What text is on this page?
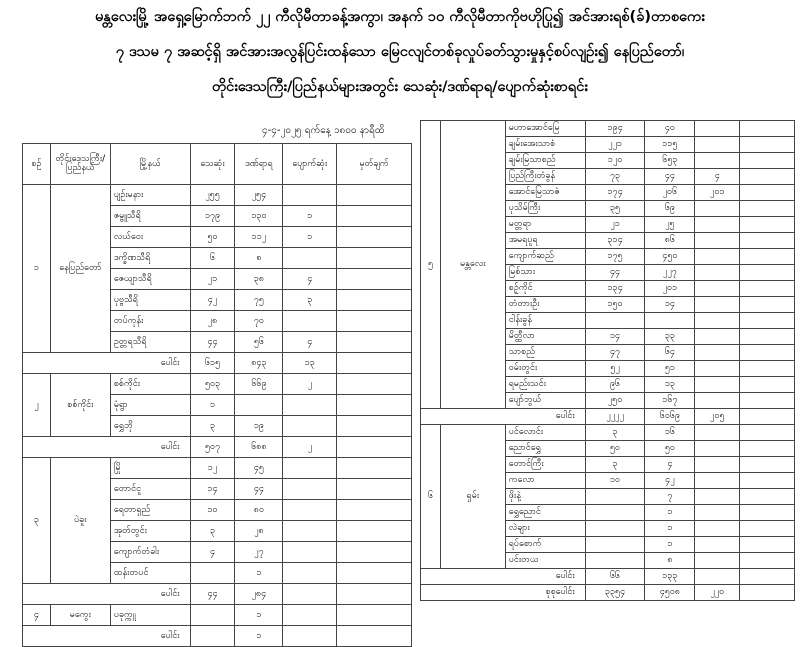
မန္တလေးမြို့ အရှေ့မြောက်ဘက် ၂၂ ကီလိုမီတာခန့်အကွာ၊ အနက် ၁၀ ကီလိုမီတာကိုဗဟိုပြု၍ အင်အားရစ်(ခ်)တာစကေး
၇ ဒသမ ၇ အဆင့်ရှိ အင်အားအလွန်ပြင်းထန်သော မြေငလျင်တစ်ခုလှုပ်ခတ်သွားမှုနှင့်စပ်လျဉ်း၍ နေပြည်တော်၊
တိုင်းဒေသကြီး/ပြည်နယ်များအတွင်း သေဆုံး/ဒဏ်ရာရ/ပျောက်ဆုံးစာရင်း
၄-၄-၂၀၂၅ ရက်နေ့ ၁၈၀၀ နာရီထိ
စဉ်	တိုင်းဒေသကြီး/ ပြည်နယ်	မြို့နယ်	သေဆုံး	ဒဏ်ရာရ	ပျောက်ဆုံး	မှတ်ချက်
၁	နေပြည်တော်	ပျဉ်းမနား	၂၅၅	၂၅၄		
		ဇမ္ဗူသီရိ	၁၇၉	၁၃၀	၁	
		လယ်ဝေး	၅၀	၁၁၂	၁	
		ဒက္ခိဏသီရိ	၆	၈		
		ဇေယျာသီရိ	၂၁	၃၈	၄	
		ပုဗ္ဗသီရိ	၄၂	၇၅	၃	
		တပ်ကုန်း	၂၈	၇၀		
		ဥတ္တရသီရိ	၄၄	၅၆	၄	
ပေါင်း			၆၁၅	၈၄၃	၁၃	
၂	စစ်ကိုင်း	စစ်ကိုင်း	၅၀၃	၆၆၉	၂	
		မုံရွာ	၁			
		ရွှေဘို	၃	၁၉		
ပေါင်း			၅၀၇	၆၈၈	၂	
၃	ပဲခူး	မြို	၁၂	၄၅		
		တောင်ငူ	၁၄	၄၄		
		ရေတာရှည်	၁၀	၈၀		
		အုတ်တွင်း	၃	၂၈		
		ကျောက်တံခါး	၄	၂၇		
		ထန်းတပင်		၁		
ပေါင်း			၄၄	၂၈၄		
၄	မကွေး	ပခုက္ကူ		၁		
ပေါင်း				၁		
၅	မန္တလေး	မဟာအောင်မြေ	၁၉၄	၄၀		
		ချမ်းအေးသာစံ	၂၂၁	၁၁၅		
		ချမ်းမြသာစည်	၁၂၀	၆၅၃		
		ပြည်ကြီးတံခွန်	၇၃	၄၄	၄	
		အောင်မြေသာဇံ	၁၇၄	၂၀၆	၂၀၁	
		ပုသိမ်ကြီး	၃၅	၆၉		
		မတ္တရာ	၂၁	၂၅		
		အမရပူရ	၃၁၄	၈၆		
		ကျောက်ဆည်	၁၇၅	၄၅၀		
		မြစ်သား	၄၄	၂၂၇		
		စဉ့်ကိုင်	၁၃၄	၂၀၁		
		တံတားဦး	၁၅၀	၁၄		
		ငါန်းခွန်				
		မိတ္ထီလာ	၁၄	၃၃		
		သာစည်	၄၇	၆၄		
		ဝမ်းတွင်း	၅၂	၅၁		
		ရမည်းသင်း	၉၆	၁၃		
		ပျော်ဘွယ်	၂၅၀	၁၆၇		
ပေါင်း			၂၂၂၂	၆၀၆၉	၂၀၅	
၆	ရှမ်း	ပင်လောင်း	၃	၁၆		
		ညောင်ရွှေ	၅၀	၅၀		
		တောင်ကြီး	၃	၄		
		ကလော	၁၀	၄၂		
		ဖိုးနဲ့		၇		
		ရွှေညောင်		၁		
		လဲချား		၁		
		ရပ်စောက်		၁		
		ပင်းတယ		၈		
ပေါင်း			၆၆	၁၃၃		
စုစုပေါင်း			၃၃၅၄	၄၅၀၈	၂၂၀	
